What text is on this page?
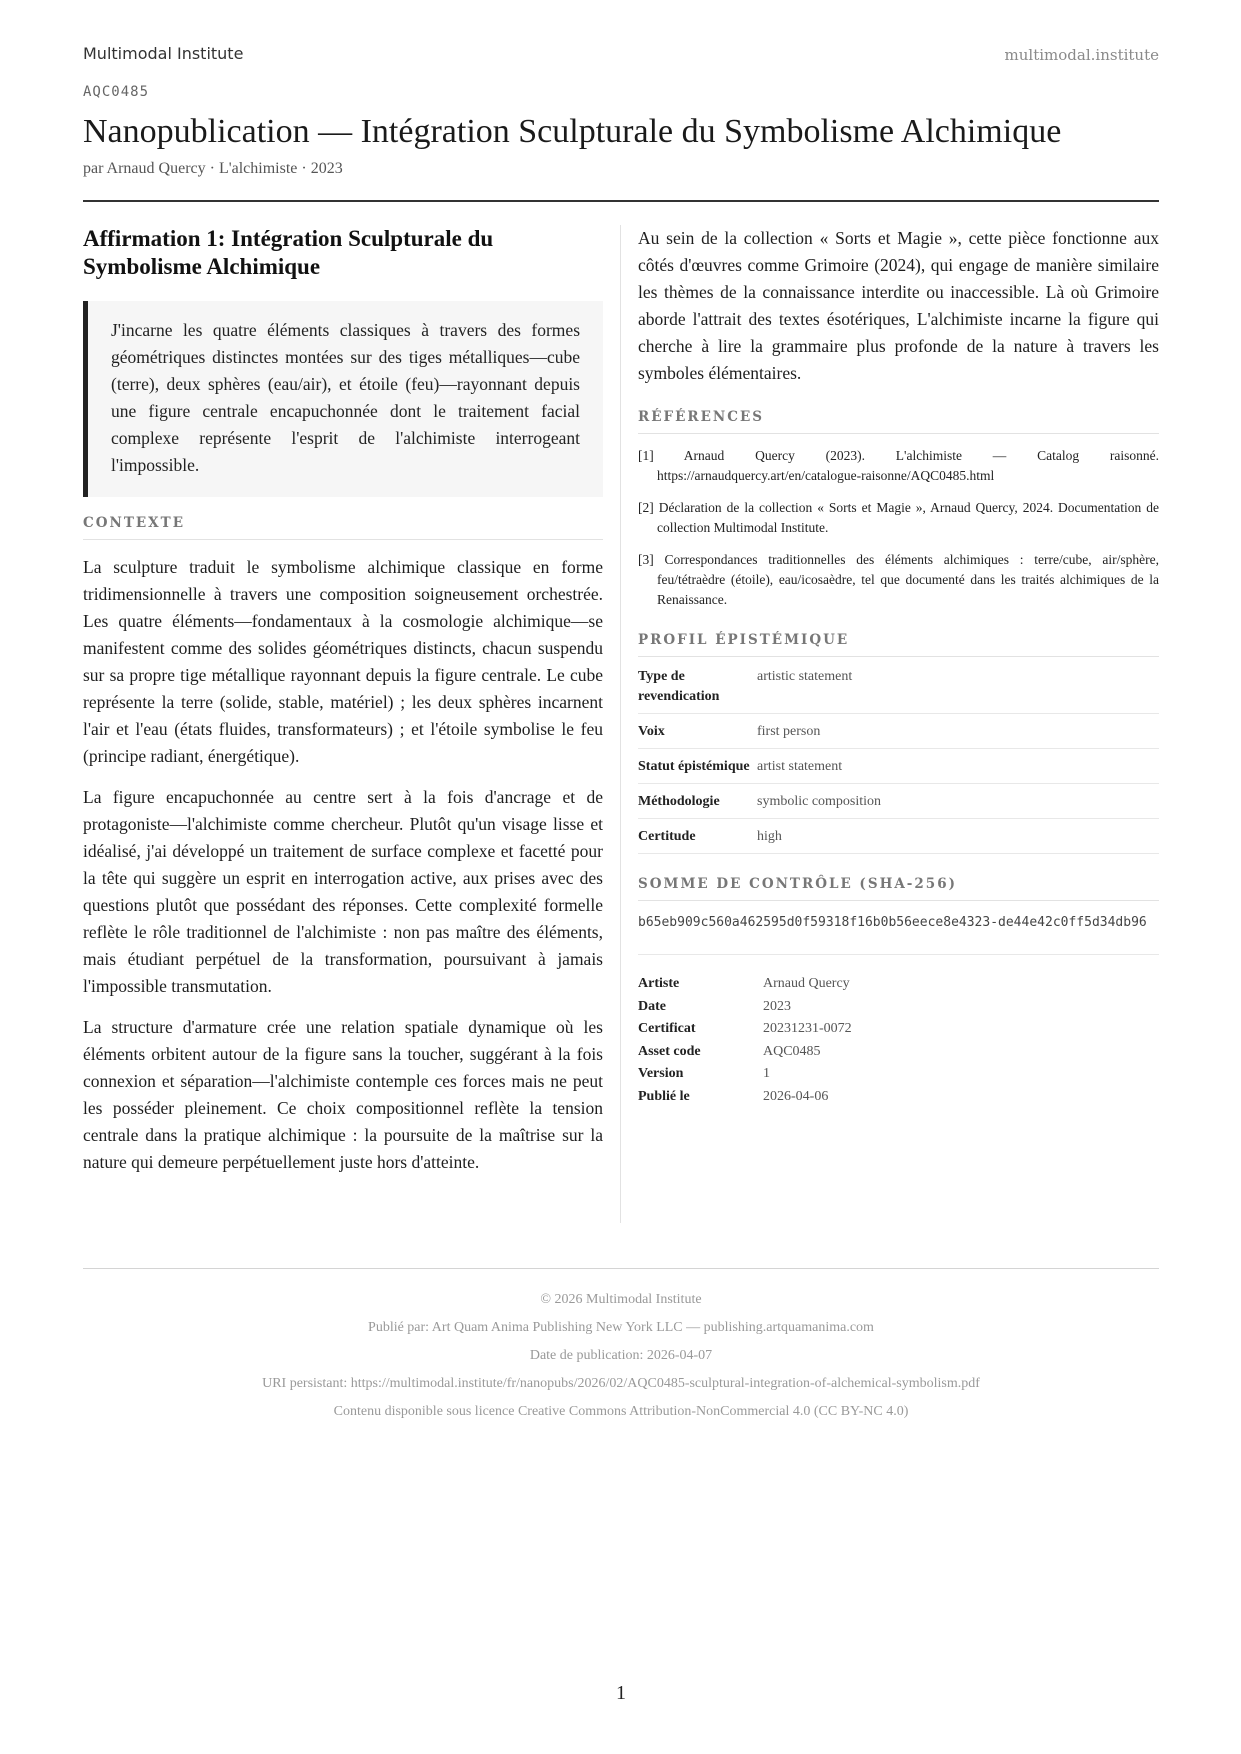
Multimodal Institute	multimodal.institute
AQC0485
Nanopublication — Intégration Sculpturale du Symbolisme Alchimique
par Arnaud Quercy · L'alchimiste · 2023
Affirmation 1: Intégration Sculpturale du Symbolisme Alchimique
J'incarne les quatre éléments classiques à travers des formes géométriques distinctes montées sur des tiges métalliques—cube (terre), deux sphères (eau/air), et étoile (feu)—rayonnant depuis une figure centrale encapuchonnée dont le traitement facial complexe représente l'esprit de l'alchimiste interrogeant l'impossible.
CONTEXTE

La sculpture traduit le symbolisme alchimique classique en forme tridimensionnelle à travers une composition soigneusement orchestrée. Les quatre éléments—fondamentaux à la cosmologie alchimique—se manifestent comme des solides géométriques distincts, chacun suspendu sur sa propre tige métallique rayonnant depuis la figure centrale. Le cube représente la terre (solide, stable, matériel) ; les deux sphères incarnent l'air et l'eau (états fluides, transformateurs) ; et l'étoile symbolise le feu (principe radiant, énergétique).

La figure encapuchonnée au centre sert à la fois d'ancrage et de protagoniste—l'alchimiste comme chercheur. Plutôt qu'un visage lisse et idéalisé, j'ai développé un traitement de surface complexe et facetté pour la tête qui suggère un esprit en interrogation active, aux prises avec des questions plutôt que possédant des réponses. Cette complexité formelle reflète le rôle traditionnel de l'alchimiste : non pas maître des éléments, mais étudiant perpétuel de la transformation, poursuivant à jamais l'impossible transmutation.

La structure d'armature crée une relation spatiale dynamique où les éléments orbitent autour de la figure sans la toucher, suggérant à la fois connexion et séparation—l'alchimiste contemple ces forces mais ne peut les posséder pleinement. Ce choix compositionnel reflète la tension centrale dans la pratique alchimique : la poursuite de la maîtrise sur la nature qui demeure perpétuellement juste hors d'atteinte.

Au sein de la collection « Sorts et Magie », cette pièce fonctionne aux côtés d'œuvres comme Grimoire (2024), qui engage de manière similaire les thèmes de la connaissance interdite ou inaccessible. Là où Grimoire aborde l'attrait des textes ésotériques, L'alchimiste incarne la figure qui cherche à lire la grammaire plus profonde de la nature à travers les symboles élémentaires.

RÉFÉRENCES
[1] Arnaud Quercy (2023). L'alchimiste — Catalog raisonné. https://arnaudquercy.art/en/catalogue-raisonne/AQC0485.html
[2] Déclaration de la collection « Sorts et Magie », Arnaud Quercy, 2024. Documentation de collection Multimodal Institute.
[3] Correspondances traditionnelles des éléments alchimiques : terre/cube, air/sphère, feu/tétraèdre (étoile), eau/icosaèdre, tel que documenté dans les traités alchimiques de la Renaissance.
PROFIL ÉPISTÉMIQUE
Type de revendication	artistic statement
Voix	first person
Statut épistémique	artist statement
Méthodologie	symbolic composition
Certitude	high
SOMME DE CONTRÔLE (SHA-256)
b65eb909c560a462595d0f59318f16b0b56eece8e4323-de44e42c0ff5d34db96
Artiste	Arnaud Quercy
Date	2023
Certificat	20231231-0072
Asset code	AQC0485
Version	1
Publié le	2026-04-06
© 2026 Multimodal Institute
Publié par: Art Quam Anima Publishing New York LLC — publishing.artquamanima.com
Date de publication: 2026-04-07
URI persistant: https://multimodal.institute/fr/nanopubs/2026/02/AQC0485-sculptural-integration-of-alchemical-symbolism.pdf
Contenu disponible sous licence Creative Commons Attribution-NonCommercial 4.0 (CC BY-NC 4.0)
1
